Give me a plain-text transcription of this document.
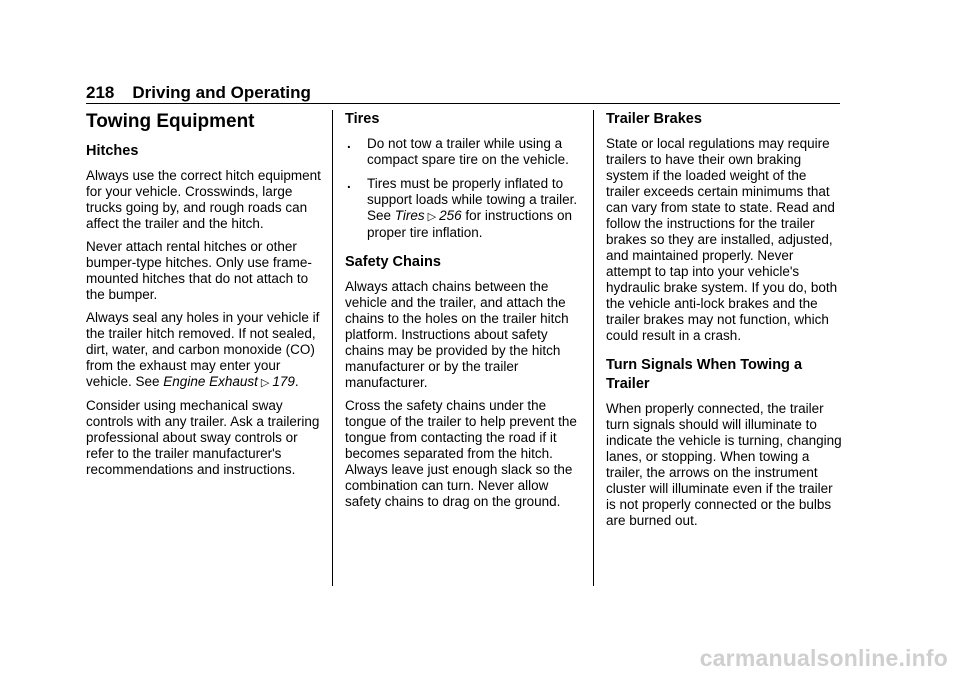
218 Driving and Operating
Towing Equipment
Hitches

Always use the correct hitch equipment for your vehicle. Crosswinds, large trucks going by, and rough roads can affect the trailer and the hitch.

Never attach rental hitches or other bumper-type hitches. Only use frame-mounted hitches that do not attach to the bumper.

Always seal any holes in your vehicle if the trailer hitch removed. If not sealed, dirt, water, and carbon monoxide (CO) from the exhaust may enter your vehicle. See Engine Exhaust ▷ 179.

Consider using mechanical sway controls with any trailer. Ask a trailering professional about sway controls or refer to the trailer manufacturer's recommendations and instructions.

Tires
. Do not tow a trailer while using a compact spare tire on the vehicle.
. Tires must be properly inflated to support loads while towing a trailer. See Tires ▷ 256 for instructions on proper tire inflation.
Safety Chains

Always attach chains between the vehicle and the trailer, and attach the chains to the holes on the trailer hitch platform. Instructions about safety chains may be provided by the hitch manufacturer or by the trailer manufacturer.

Cross the safety chains under the tongue of the trailer to help prevent the tongue from contacting the road if it becomes separated from the hitch. Always leave just enough slack so the combination can turn. Never allow safety chains to drag on the ground.

Trailer Brakes

State or local regulations may require trailers to have their own braking system if the loaded weight of the trailer exceeds certain minimums that can vary from state to state. Read and follow the instructions for the trailer brakes so they are installed, adjusted, and maintained properly. Never attempt to tap into your vehicle's hydraulic brake system. If you do, both the vehicle anti-lock brakes and the trailer brakes may not function, which could result in a crash.

Turn Signals When Towing a Trailer

When properly connected, the trailer turn signals should will illuminate to indicate the vehicle is turning, changing lanes, or stopping. When towing a trailer, the arrows on the instrument cluster will illuminate even if the trailer is not properly connected or the bulbs are burned out.

carmanualsonline.info
